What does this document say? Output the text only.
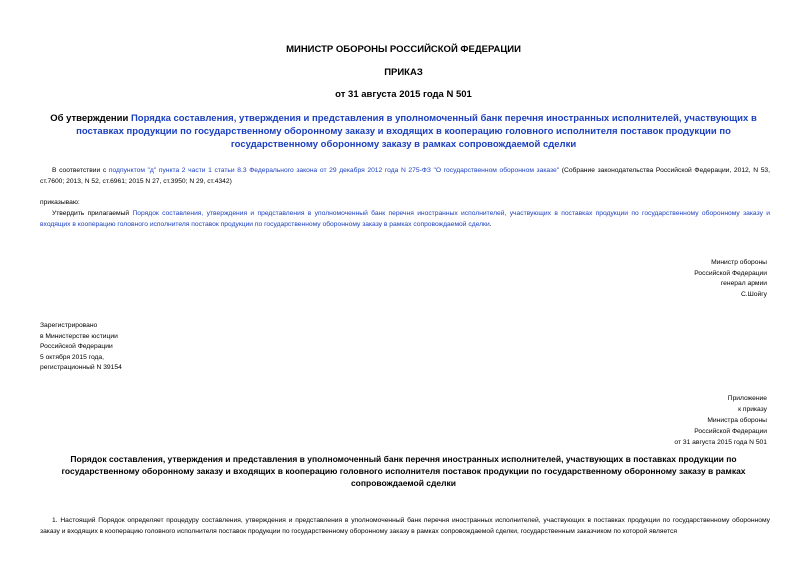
МИНИСТР ОБОРОНЫ РОССИЙСКОЙ ФЕДЕРАЦИИ
ПРИКАЗ
от 31 августа 2015 года N 501
Об утверждении Порядка составления, утверждения и представления в уполномоченный банк перечня иностранных исполнителей, участвующих в поставках продукции по государственному оборонному заказу и входящих в кооперацию головного исполнителя поставок продукции по государственному оборонному заказу в рамках сопровождаемой сделки
В соответствии с подпунктом "д" пункта 2 части 1 статьи 8.3 Федерального закона от 29 декабря 2012 года N 275-ФЗ "О государственном оборонном заказе" (Собрание законодательства Российской Федерации, 2012, N 53, ст.7600; 2013, N 52, ст.6961; 2015 N 27, ст.3950; N 29, ст.4342)
приказываю:
Утвердить прилагаемый Порядок составления, утверждения и представления в уполномоченный банк перечня иностранных исполнителей, участвующих в поставках продукции по государственному оборонному заказу и входящих в кооперацию головного исполнителя поставок продукции по государственному оборонному заказу в рамках сопровождаемой сделки.
Министр обороны
Российской Федерации
генерал армии
С.Шойгу
Зарегистрировано
в Министерстве юстиции
Российской Федерации
5 октября 2015 года,
регистрационный N 39154
Приложение
к приказу
Министра обороны
Российской Федерации
от 31 августа 2015 года N 501
Порядок составления, утверждения и представления в уполномоченный банк перечня иностранных исполнителей, участвующих в поставках продукции по государственному оборонному заказу и входящих в кооперацию головного исполнителя поставок продукции по государственному оборонному заказу в рамках сопровождаемой сделки
1. Настоящий Порядок определяет процедуру составления, утверждения и представления в уполномоченный банк перечня иностранных исполнителей, участвующих в поставках продукции по государственному оборонному заказу и входящих в кооперацию головного исполнителя поставок продукции по государственному оборонному заказу в рамках сопровождаемой сделки, государственным заказчиком по которой является
